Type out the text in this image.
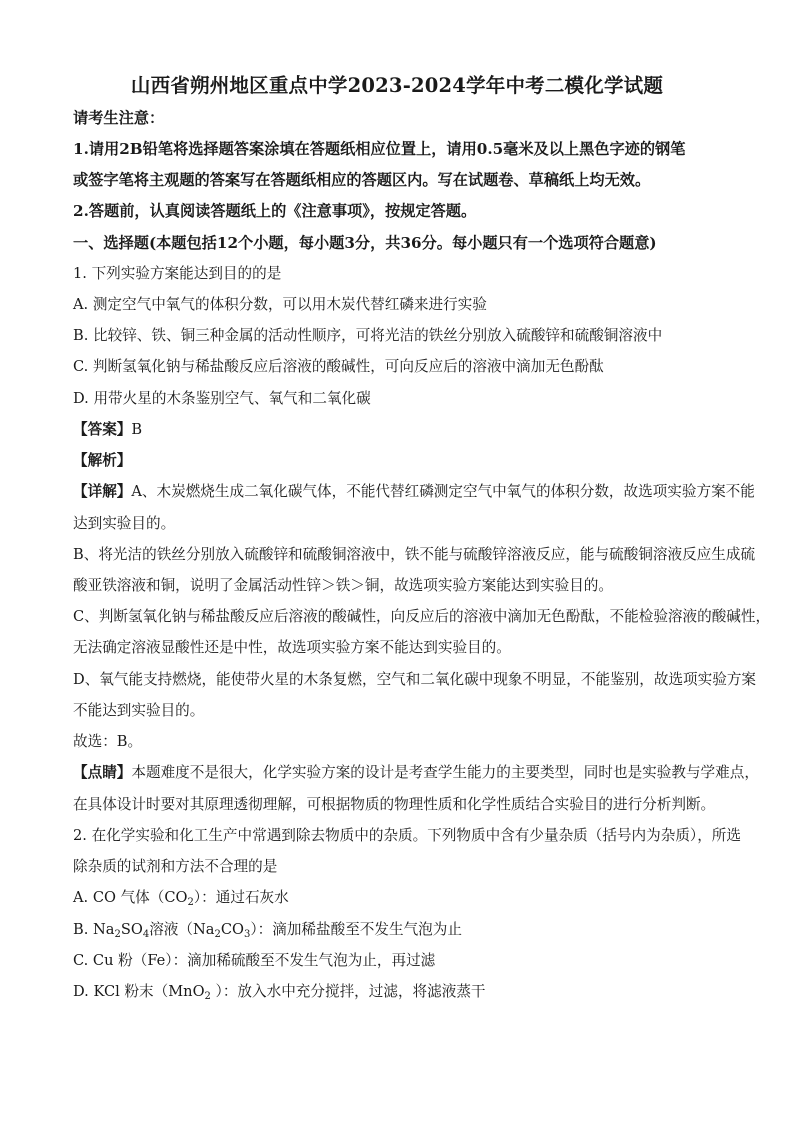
山西省朔州地区重点中学2023-2024学年中考二模化学试题
请考生注意：
1.请用2B铅笔将选择题答案涂填在答题纸相应位置上，请用0.5毫米及以上黑色字迹的钢笔
或签字笔将主观题的答案写在答题纸相应的答题区内。写在试题卷、草稿纸上均无效。
2.答题前，认真阅读答题纸上的《注意事项》，按规定答题。
一、选择题(本题包括12个小题，每小题3分，共36分。每小题只有一个选项符合题意)
1. 下列实验方案能达到目的的是
A. 测定空气中氧气的体积分数，可以用木炭代替红磷来进行实验
B. 比较锌、铁、铜三种金属的活动性顺序，可将光洁的铁丝分别放入硫酸锌和硫酸铜溶液中
C. 判断氢氧化钠与稀盐酸反应后溶液的酸碱性，可向反应后的溶液中滴加无色酚酞
D. 用带火星的木条鉴别空气、氧气和二氧化碳
【答案】B
【解析】
【详解】A、木炭燃烧生成二氧化碳气体，不能代替红磷测定空气中氧气的体积分数，故选项实验方案不能
达到实验目的。
B、将光洁的铁丝分别放入硫酸锌和硫酸铜溶液中，铁不能与硫酸锌溶液反应，能与硫酸铜溶液反应生成硫
酸亚铁溶液和铜，说明了金属活动性锌＞铁＞铜，故选项实验方案能达到实验目的。
C、判断氢氧化钠与稀盐酸反应后溶液的酸碱性，向反应后的溶液中滴加无色酚酞，不能检验溶液的酸碱性，
无法确定溶液显酸性还是中性，故选项实验方案不能达到实验目的。
D、氧气能支持燃烧，能使带火星的木条复燃，空气和二氧化碳中现象不明显，不能鉴别，故选项实验方案
不能达到实验目的。
故选：B。
【点睛】本题难度不是很大，化学实验方案的设计是考查学生能力的主要类型，同时也是实验教与学难点，
在具体设计时要对其原理透彻理解，可根据物质的物理性质和化学性质结合实验目的进行分析判断。
2. 在化学实验和化工生产中常遇到除去物质中的杂质。下列物质中含有少量杂质（括号内为杂质），所选
除杂质的试剂和方法不合理的是
A. CO 气体$(CO_2)$：通过石灰水
B. $Na_2SO_4$溶液$(Na_2CO_3)$：滴加稀盐酸至不发生气泡为止
C. Cu 粉（Fe）：滴加稀硫酸至不发生气泡为止，再过滤
D. KCl 粉末（MnO$_2$ ）：放入水中充分搅拌，过滤，将滤液蒸干
